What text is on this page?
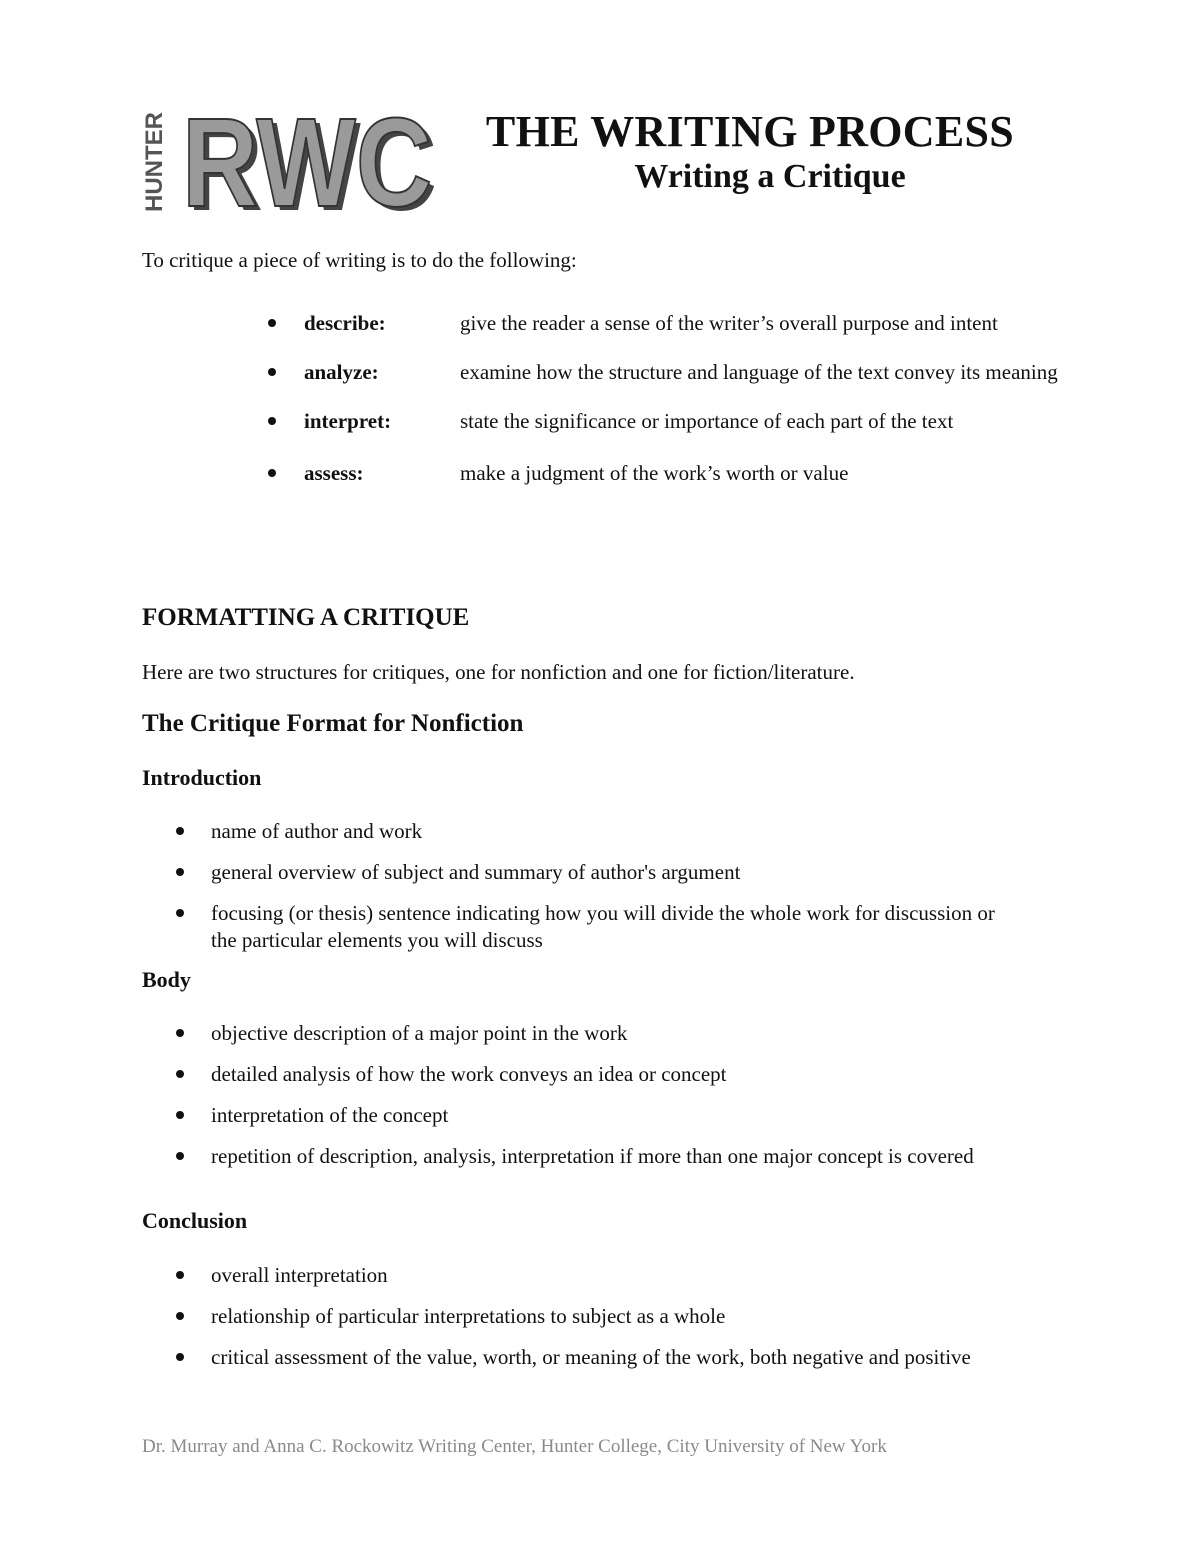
HUNTER RWC
RWC	THE WRITING PROCESS
Writing a Critique
To critique a piece of writing is to do the following:
describe:	give the reader a sense of the writer’s overall purpose and intent
analyze:	examine how the structure and language of the text convey its meaning
interpret:	state the significance or importance of each part of the text
assess:	make a judgment of the work’s worth or value
FORMATTING A CRITIQUE
Here are two structures for critiques, one for nonfiction and one for fiction/literature.
The Critique Format for Nonfiction
Introduction
name of author and work
general overview of subject and summary of author's argument
focusing (or thesis) sentence indicating how you will divide the whole work for discussion or the particular elements you will discuss
Body
objective description of a major point in the work
detailed analysis of how the work conveys an idea or concept
interpretation of the concept
repetition of description, analysis, interpretation if more than one major concept is covered
Conclusion
overall interpretation
relationship of particular interpretations to subject as a whole
critical assessment of the value, worth, or meaning of the work, both negative and positive
Dr. Murray and Anna C. Rockowitz Writing Center, Hunter College, City University of New York
